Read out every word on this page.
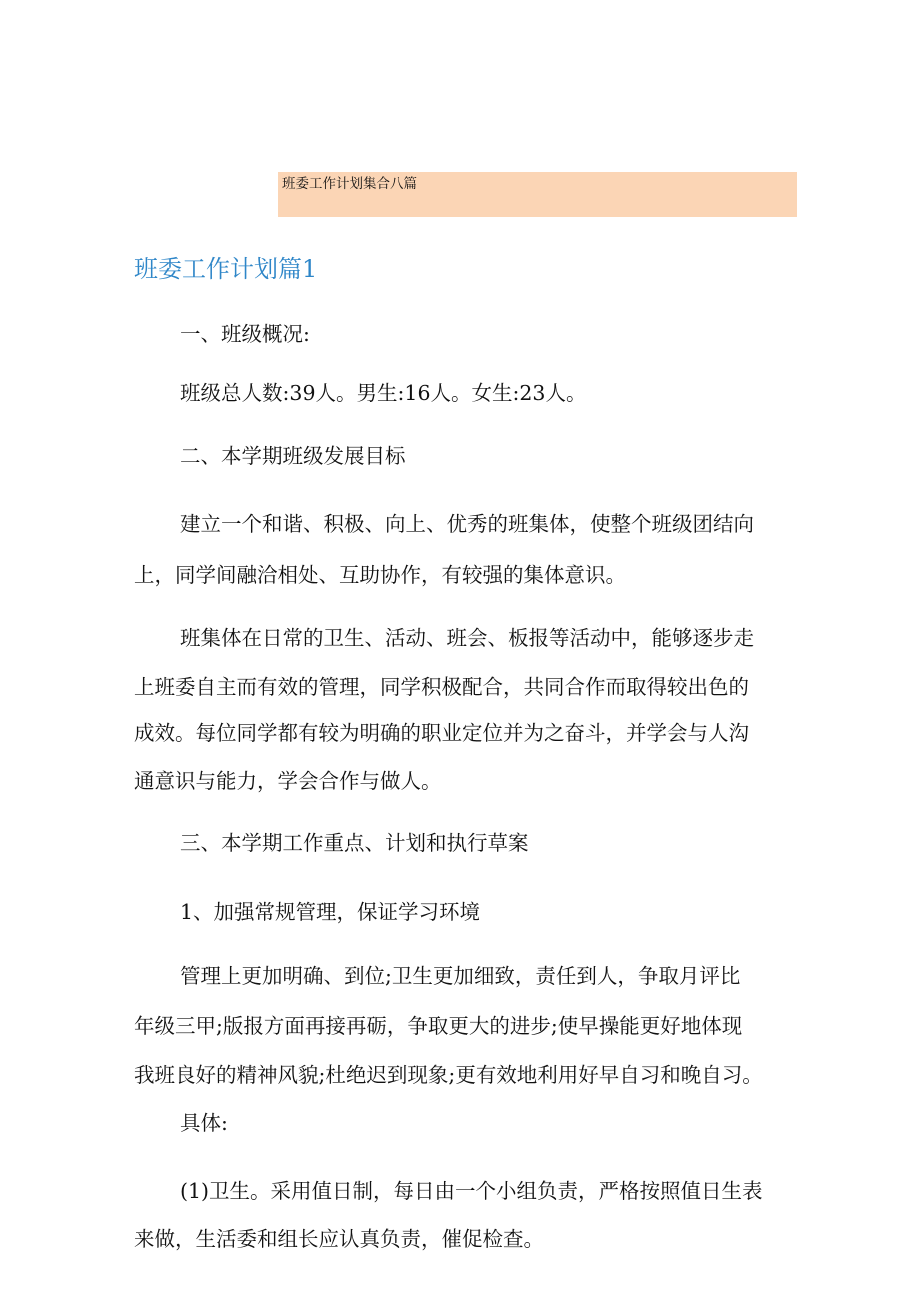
班委工作计划集合八篇
班委工作计划篇1

一、班级概况:

班级总人数:39人。男生:16人。女生:23人。

二、本学期班级发展目标

建立一个和谐、积极、向上、优秀的班集体，使整个班级团结向

上，同学间融洽相处、互助协作，有较强的集体意识。

班集体在日常的卫生、活动、班会、板报等活动中，能够逐步走

上班委自主而有效的管理，同学积极配合，共同合作而取得较出色的

成效。每位同学都有较为明确的职业定位并为之奋斗，并学会与人沟

通意识与能力，学会合作与做人。

三、本学期工作重点、计划和执行草案

1、加强常规管理，保证学习环境

管理上更加明确、到位;卫生更加细致，责任到人，争取月评比

年级三甲;版报方面再接再砺，争取更大的进步;使早操能更好地体现

我班良好的精神风貌;杜绝迟到现象;更有效地利用好早自习和晚自习。

具体:

(1)卫生。采用值日制，每日由一个小组负责，严格按照值日生表

来做，生活委和组长应认真负责，催促检查。
